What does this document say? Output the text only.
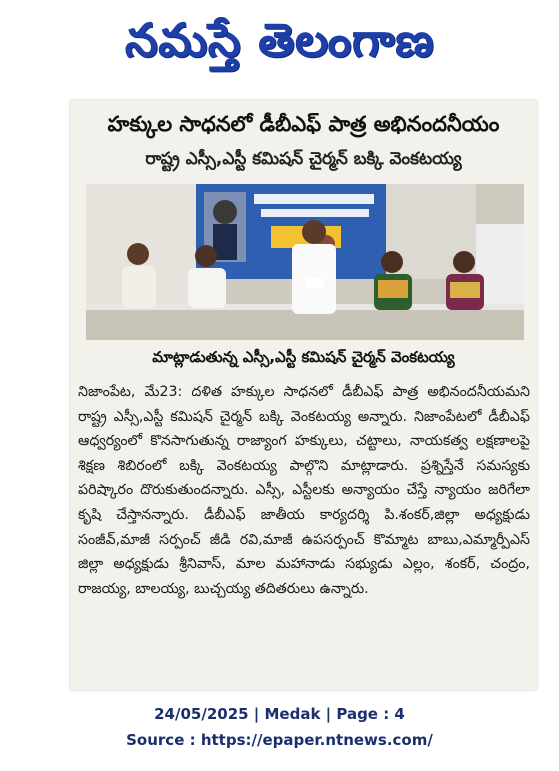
నమస్తే తెలంగాణ
హక్కుల సాధనలో డీబీఎఫ్ పాత్ర అభినందనీయం
రాష్ట్ర ఎస్సీ,ఎస్టీ కమిషన్ చైర్మన్ బక్కి వెంకటయ్య
మాట్లాడుతున్న ఎస్సీ,ఎస్టీ కమిషన్ చైర్మన్ వెంకటయ్య

నిజాంపేట, మే23: దళిత హక్కుల సాధనలో డీబీఎఫ్ పాత్ర అభినందనీయమని రాష్ట్ర ఎస్సీ,ఎస్టీ కమిషన్ చైర్మన్ బక్కి వెంకటయ్య అన్నారు. నిజాంపేటలో డీబీఎఫ్ ఆధ్వర్యంలో కొనసాగుతున్న రాజ్యాంగ హక్కులు, చట్టాలు, నాయకత్వ లక్షణాలపై శిక్షణ శిబిరంలో బక్కి వెంకటయ్య పాల్గొని మాట్లాడారు. ప్రశ్నిస్తేనే సమస్యకు పరిష్కారం దొరుకుతుందన్నారు. ఎస్సీ, ఎస్టీలకు అన్యాయం చేస్తే న్యాయం జరిగేలా కృషి చేస్తానన్నారు. డీబీఎఫ్ జాతీయ కార్యదర్శి పి.శంకర్,జిల్లా అధ్యక్షుడు సంజీవ్,మాజీ సర్పంచ్ జీడి రవి,మాజీ ఉపసర్పంచ్ కొమ్మాట బాబు,ఎమ్మార్పీఎస్ జిల్లా అధ్యక్షుడు శ్రీనివాస్, మాల మహానాడు సభ్యుడు ఎల్లం, శంకర్, చంద్రం, రాజయ్య, బాలయ్య, బుచ్చయ్య తదితరులు ఉన్నారు.

24/05/2025 | Medak | Page : 4
Source : https://epaper.ntnews.com/
